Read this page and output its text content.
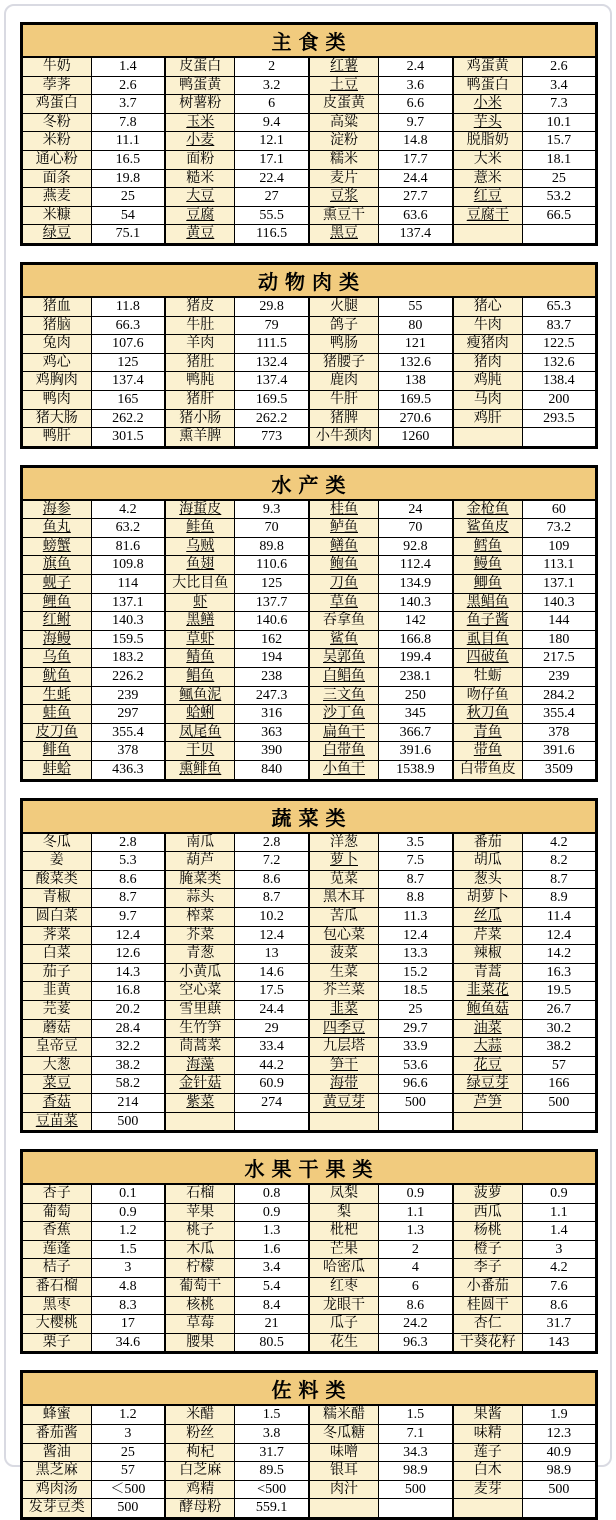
主 食 类							
牛奶	1.4	皮蛋白	2	红薯	2.4	鸡蛋黄	2.6
荸荠	2.6	鸭蛋黄	3.2	土豆	3.6	鸭蛋白	3.4
鸡蛋白	3.7	树薯粉	6	皮蛋黄	6.6	小米	7.3
冬粉	7.8	玉米	9.4	高粱	9.7	芋头	10.1
米粉	11.1	小麦	12.1	淀粉	14.8	脱脂奶	15.7
通心粉	16.5	面粉	17.1	糯米	17.7	大米	18.1
面条	19.8	糙米	22.4	麦片	24.4	薏米	25
燕麦	25	大豆	27	豆浆	27.7	红豆	53.2
米糠	54	豆腐	55.5	熏豆干	63.6	豆腐干	66.5
绿豆	75.1	黄豆	116.5	黑豆	137.4		
动 物 肉 类							
猪血	11.8	猪皮	29.8	火腿	55	猪心	65.3
猪脑	66.3	牛肚	79	鸽子	80	牛肉	83.7
兔肉	107.6	羊肉	111.5	鸭肠	121	瘦猪肉	122.5
鸡心	125	猪肚	132.4	猪腰子	132.6	猪肉	132.6
鸡胸肉	137.4	鸭肫	137.4	鹿肉	138	鸡肫	138.4
鸭肉	165	猪肝	169.5	牛肝	169.5	马肉	200
猪大肠	262.2	猪小肠	262.2	猪脾	270.6	鸡肝	293.5
鸭肝	301.5	熏羊脾	773	小牛颈肉	1260		
水 产 类							
海参	4.2	海蜇皮	9.3	桂鱼	24	金枪鱼	60
鱼丸	63.2	鲑鱼	70	鲈鱼	70	鲨鱼皮	73.2
螃蟹	81.6	乌贼	89.8	鳝鱼	92.8	鳕鱼	109
旗鱼	109.8	鱼翅	110.6	鲍鱼	112.4	鳗鱼	113.1
蚬子	114	大比目鱼	125	刀鱼	134.9	鲫鱼	137.1
鲤鱼	137.1	虾	137.7	草鱼	140.3	黑鲳鱼	140.3
红鲋	140.3	黑鳝	140.6	吞拿鱼	142	鱼子酱	144
海鳗	159.5	草虾	162	鲨鱼	166.8	虱目鱼	180
乌鱼	183.2	鲭鱼	194	吴郭鱼	199.4	四破鱼	217.5
鱿鱼	226.2	鲳鱼	238	白鲳鱼	238.1	牡蛎	239
生蚝	239	鲺鱼泥	247.3	三文鱼	250	吻仔鱼	284.2
蛙鱼	297	蛤蜊	316	沙丁鱼	345	秋刀鱼	355.4
皮刀鱼	355.4	凤尾鱼	363	扁鱼干	366.7	青鱼	378
鲱鱼	378	干贝	390	白带鱼	391.6	带鱼	391.6
蚌蛤	436.3	熏鲱鱼	840	小鱼干	1538.9	白带鱼皮	3509
蔬 菜 类							
冬瓜	2.8	南瓜	2.8	洋葱	3.5	番茄	4.2
姜	5.3	葫芦	7.2	萝卜	7.5	胡瓜	8.2
酸菜类	8.6	腌菜类	8.6	苋菜	8.7	葱头	8.7
青椒	8.7	蒜头	8.7	黑木耳	8.8	胡萝卜	8.9
圆白菜	9.7	榨菜	10.2	苦瓜	11.3	丝瓜	11.4
荠菜	12.4	芥菜	12.4	包心菜	12.4	芹菜	12.4
白菜	12.6	青葱	13	菠菜	13.3	辣椒	14.2
茄子	14.3	小黄瓜	14.6	生菜	15.2	青蒿	16.3
韭黄	16.8	空心菜	17.5	芥兰菜	18.5	韭菜花	19.5
芫荽	20.2	雪里蕻	24.4	韭菜	25	鲍鱼菇	26.7
蘑菇	28.4	生竹笋	29	四季豆	29.7	油菜	30.2
皇帝豆	32.2	茼蒿菜	33.4	九层塔	33.9	大蒜	38.2
大葱	38.2	海藻	44.2	笋干	53.6	花豆	57
菜豆	58.2	金针菇	60.9	海带	96.6	绿豆芽	166
香菇	214	紫菜	274	黄豆芽	500	芦笋	500
豆苗菜	500						
水 果 干 果 类							
杏子	0.1	石榴	0.8	凤梨	0.9	菠萝	0.9
葡萄	0.9	苹果	0.9	梨	1.1	西瓜	1.1
香蕉	1.2	桃子	1.3	枇杷	1.3	杨桃	1.4
莲蓬	1.5	木瓜	1.6	芒果	2	橙子	3
桔子	3	柠檬	3.4	哈密瓜	4	李子	4.2
番石榴	4.8	葡萄干	5.4	红枣	6	小番茄	7.6
黑枣	8.3	核桃	8.4	龙眼干	8.6	桂圆干	8.6
大樱桃	17	草莓	21	瓜子	24.2	杏仁	31.7
栗子	34.6	腰果	80.5	花生	96.3	干葵花籽	143
佐 料 类							
蜂蜜	1.2	米醋	1.5	糯米醋	1.5	果酱	1.9
番茄酱	3	粉丝	3.8	冬瓜糖	7.1	味精	12.3
酱油	25	枸杞	31.7	味噌	34.3	莲子	40.9
黑芝麻	57	白芝麻	89.5	银耳	98.9	白木	98.9
鸡肉汤	＜500	鸡精	<500	肉汁	500	麦芽	500
发芽豆类	500	酵母粉	559.1				
